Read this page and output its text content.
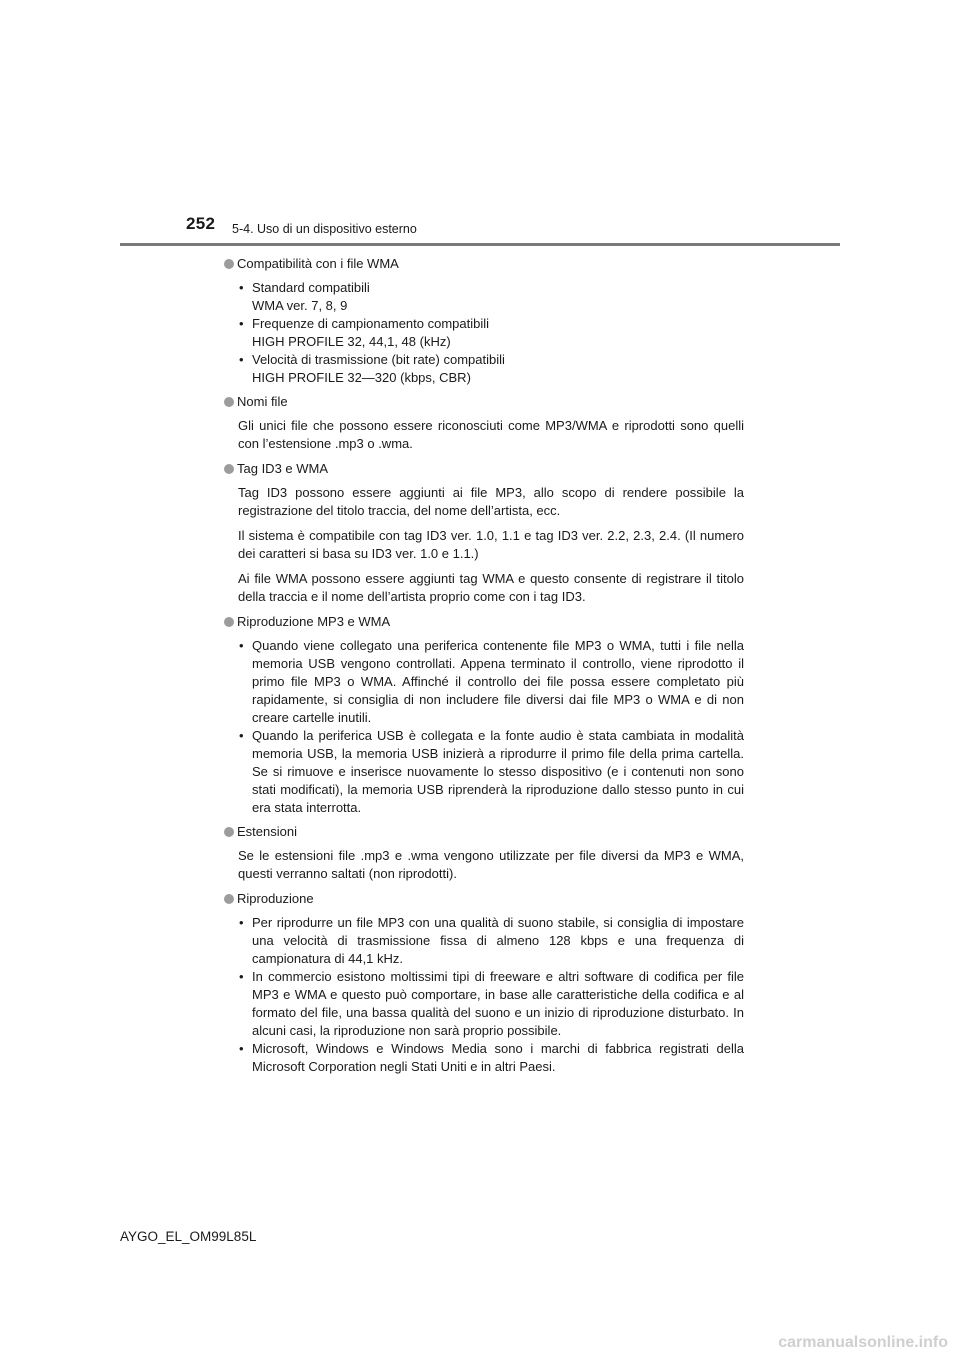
252 5-4. Uso di un dispositivo esterno
Compatibilità con i file WMA
• Standard compatibili
WMA ver. 7, 8, 9
• Frequenze di campionamento compatibili
HIGH PROFILE 32, 44,1, 48 (kHz)
• Velocità di trasmissione (bit rate) compatibili
HIGH PROFILE 32—320 (kbps, CBR)
Nomi file
Gli unici file che possono essere riconosciuti come MP3/WMA e riprodotti sono quelli con l’estensione .mp3 o .wma.
Tag ID3 e WMA
Tag ID3 possono essere aggiunti ai file MP3, allo scopo di rendere possibile la registrazione del titolo traccia, del nome dell’artista, ecc.
Il sistema è compatibile con tag ID3 ver. 1.0, 1.1 e tag ID3 ver. 2.2, 2.3, 2.4. (Il numero dei caratteri si basa su ID3 ver. 1.0 e 1.1.)
Ai file WMA possono essere aggiunti tag WMA e questo consente di registrare il titolo della traccia e il nome dell’artista proprio come con i tag ID3.
Riproduzione MP3 e WMA
• Quando viene collegato una periferica contenente file MP3 o WMA, tutti i file nella memoria USB vengono controllati. Appena terminato il controllo, viene riprodotto il primo file MP3 o WMA. Affinché il controllo dei file possa essere completato più rapidamente, si consiglia di non includere file diversi dai file MP3 o WMA e di non creare cartelle inutili.
• Quando la periferica USB è collegata e la fonte audio è stata cambiata in modalità memoria USB, la memoria USB inizierà a riprodurre il primo file della prima cartella. Se si rimuove e inserisce nuovamente lo stesso dispositivo (e i contenuti non sono stati modificati), la memoria USB riprenderà la riproduzione dallo stesso punto in cui era stata interrotta.
Estensioni
Se le estensioni file .mp3 e .wma vengono utilizzate per file diversi da MP3 e WMA, questi verranno saltati (non riprodotti).
Riproduzione
• Per riprodurre un file MP3 con una qualità di suono stabile, si consiglia di impostare una velocità di trasmissione fissa di almeno 128 kbps e una frequenza di campionatura di 44,1 kHz.
• In commercio esistono moltissimi tipi di freeware e altri software di codifica per file MP3 e WMA e questo può comportare, in base alle caratteristiche della codifica e al formato del file, una bassa qualità del suono e un inizio di riproduzione disturbato. In alcuni casi, la riproduzione non sarà proprio possibile.
• Microsoft, Windows e Windows Media sono i marchi di fabbrica registrati della Microsoft Corporation negli Stati Uniti e in altri Paesi.
AYGO_EL_OM99L85L
carmanualsonline.info
